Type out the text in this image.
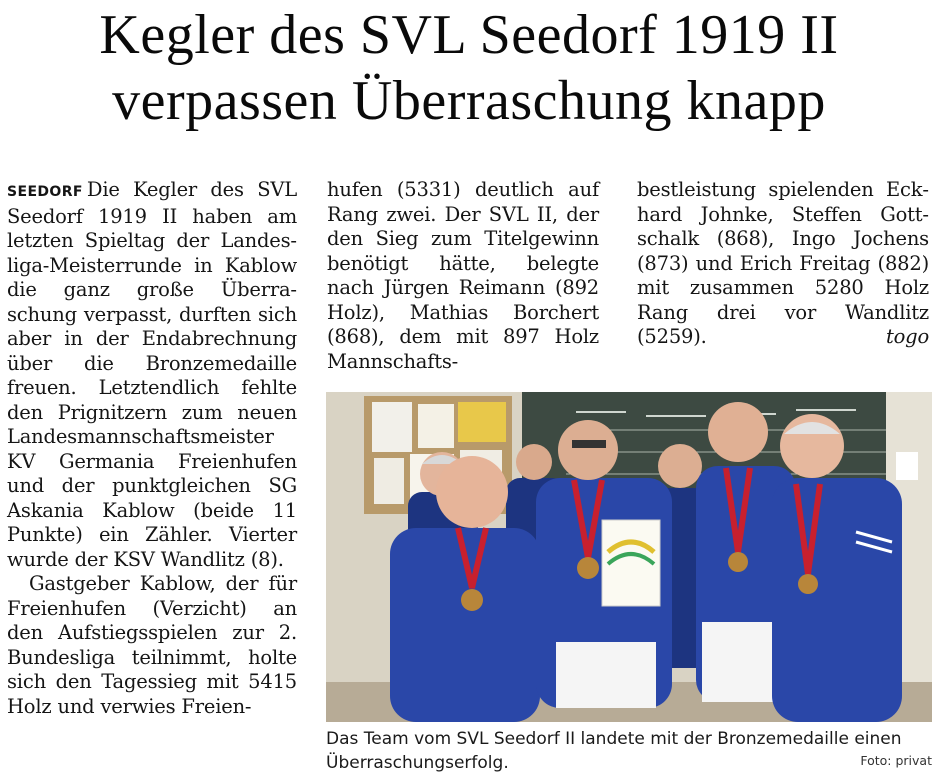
Kegler des SVL Seedorf 1919 II
verpassen Überraschung knapp

SEEDORF Die Kegler des SVL Seedorf 1919 II haben am letzten Spieltag der Landesliga-Meisterrunde in Kablow die ganz große Überraschung verpasst, durften sich aber in der Endabrechnung über die Bronzemedaille freuen. Letztendlich fehlte den Prignitzern zum neuen Landesmannschaftsmeister KV Germania Freienhufen und der punktgleichen SG Askania Kablow (beide 11 Punkte) ein Zähler. Vierter wurde der KSV Wandlitz (8).

Gastgeber Kablow, der für Freienhufen (Verzicht) an den Aufstiegsspielen zur 2. Bundesliga teilnimmt, holte sich den Tagessieg mit 5415 Holz und verwies Freien-

hufen (5331) deutlich auf Rang zwei. Der SVL II, der den Sieg zum Titelgewinn benötigt hätte, belegte nach Jürgen Reimann (892 Holz), Mathias Borchert (868), dem mit 897 Holz Mannschafts-

bestleistung spielenden Eckhard Johnke, Steffen Gottschalk (868), Ingo Jochens (873) und Erich Freitag (882) mit zusammen 5280 Holz Rang drei vor Wandlitz (5259).	togo

Das Team vom SVL Seedorf II landete mit der Bronzemedaille einen Überraschungserfolg.	Foto: privat
